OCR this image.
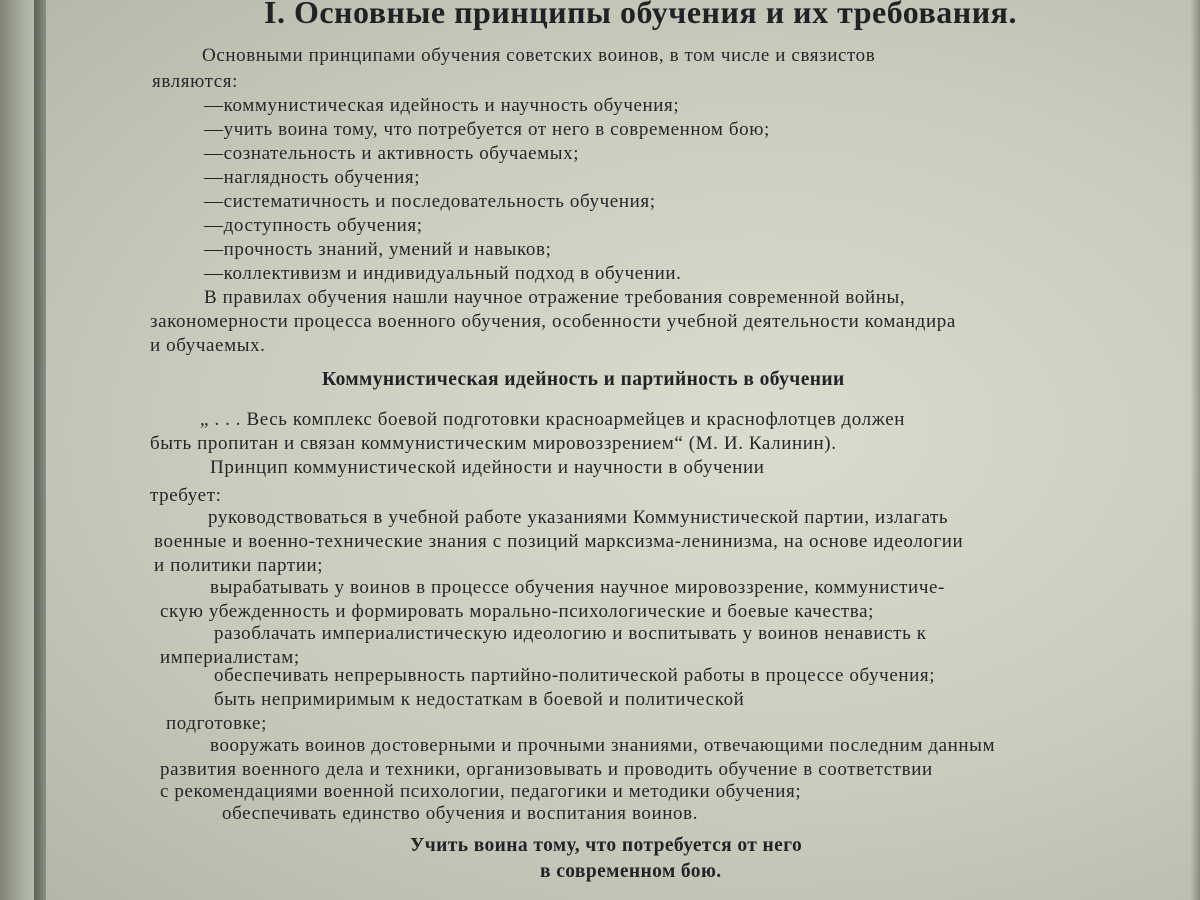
I. Основные принципы обучения и их требования.
Основными принципами обучения советских воинов, в том числе и связистов
являются:
—коммунистическая идейность и научность обучения;
—учить воина тому, что потребуется от него в современном бою;
—сознательность и активность обучаемых;
—наглядность обучения;
—систематичность и последовательность обучения;
—доступность обучения;
—прочность знаний, умений и навыков;
—коллективизм и индивидуальный подход в обучении.
В правилах обучения нашли научное отражение требования современной войны,
закономерности процесса военного обучения, особенности учебной деятельности командира
и обучаемых.
Коммунистическая идейность и партийность в обучении
„ . . . Весь комплекс боевой подготовки красноармейцев и краснофлотцев должен
быть пропитан и связан коммунистическим мировоззрением“ (М. И. Калинин).
Принцип коммунистической идейности и научности в обучении
требует:
руководствоваться в учебной работе указаниями Коммунистической партии, излагать
военные и военно-технические знания с позиций марксизма-ленинизма, на основе идеологии
и политики партии;
вырабатывать у воинов в процессе обучения научное мировоззрение, коммунистиче-
скую убежденность и формировать морально-психологические и боевые качества;
разоблачать империалистическую идеологию и воспитывать у воинов ненависть к
империалистам;
обеспечивать непрерывность партийно-политической работы в процессе обучения;
быть непримиримым к недостаткам в боевой и политической
подготовке;
вооружать воинов достоверными и прочными знаниями, отвечающими последним данным
развития военного дела и техники, организовывать и проводить обучение в соответствии
с рекомендациями военной психологии, педагогики и методики обучения;
обеспечивать единство обучения и воспитания воинов.
Учить воина тому, что потребуется от него
в современном бою.
